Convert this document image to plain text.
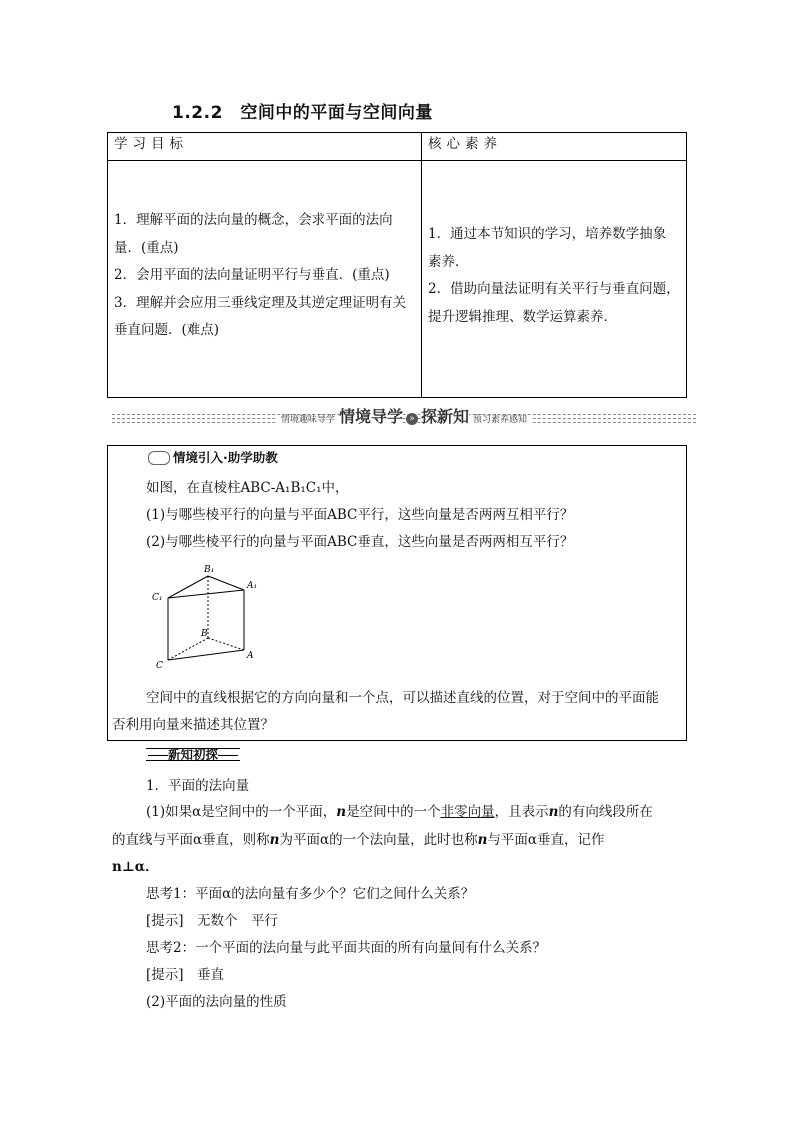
1.2.2　空间中的平面与空间向量
学习目标	核心素养
1．理解平面的法向量的概念，会求平面的法向
量．(重点)
2．会用平面的法向量证明平行与垂直．(重点)
3．理解并会应用三垂线定理及其逆定理证明有关
垂直问题．(难点)
1．通过本节知识的学习，培养数学抽象
素养．
2．借助向量法证明有关平行与垂直问题，
提升逻辑推理、数学运算素养．
情境趣味导学 情境导学 » 探新知 预习素养感知
情境引入·助学助教
如图，在直棱柱ABC-A₁B₁C₁中，
(1)与哪些棱平行的向量与平面ABC平行，这些向量是否两两互相平行？
(2)与哪些棱平行的向量与平面ABC垂直，这些向量是否两两相互平行？
B₁
A₁
C₁
B
C
A
空间中的直线根据它的方向向量和一个点，可以描述直线的位置，对于空间中的平面能
否利用向量来描述其位置？
新知初探
1．平面的法向量
(1)如果α是空间中的一个平面，n是空间中的一个非零向量，且表示n的有向线段所在
的直线与平面α垂直，则称n为平面α的一个法向量，此时也称n与平面α垂直，记作
n⊥α．
思考1：平面α的法向量有多少个？它们之间什么关系？
[提示]　无数个　平行
思考2：一个平面的法向量与此平面共面的所有向量间有什么关系？
[提示]　垂直
(2)平面的法向量的性质
